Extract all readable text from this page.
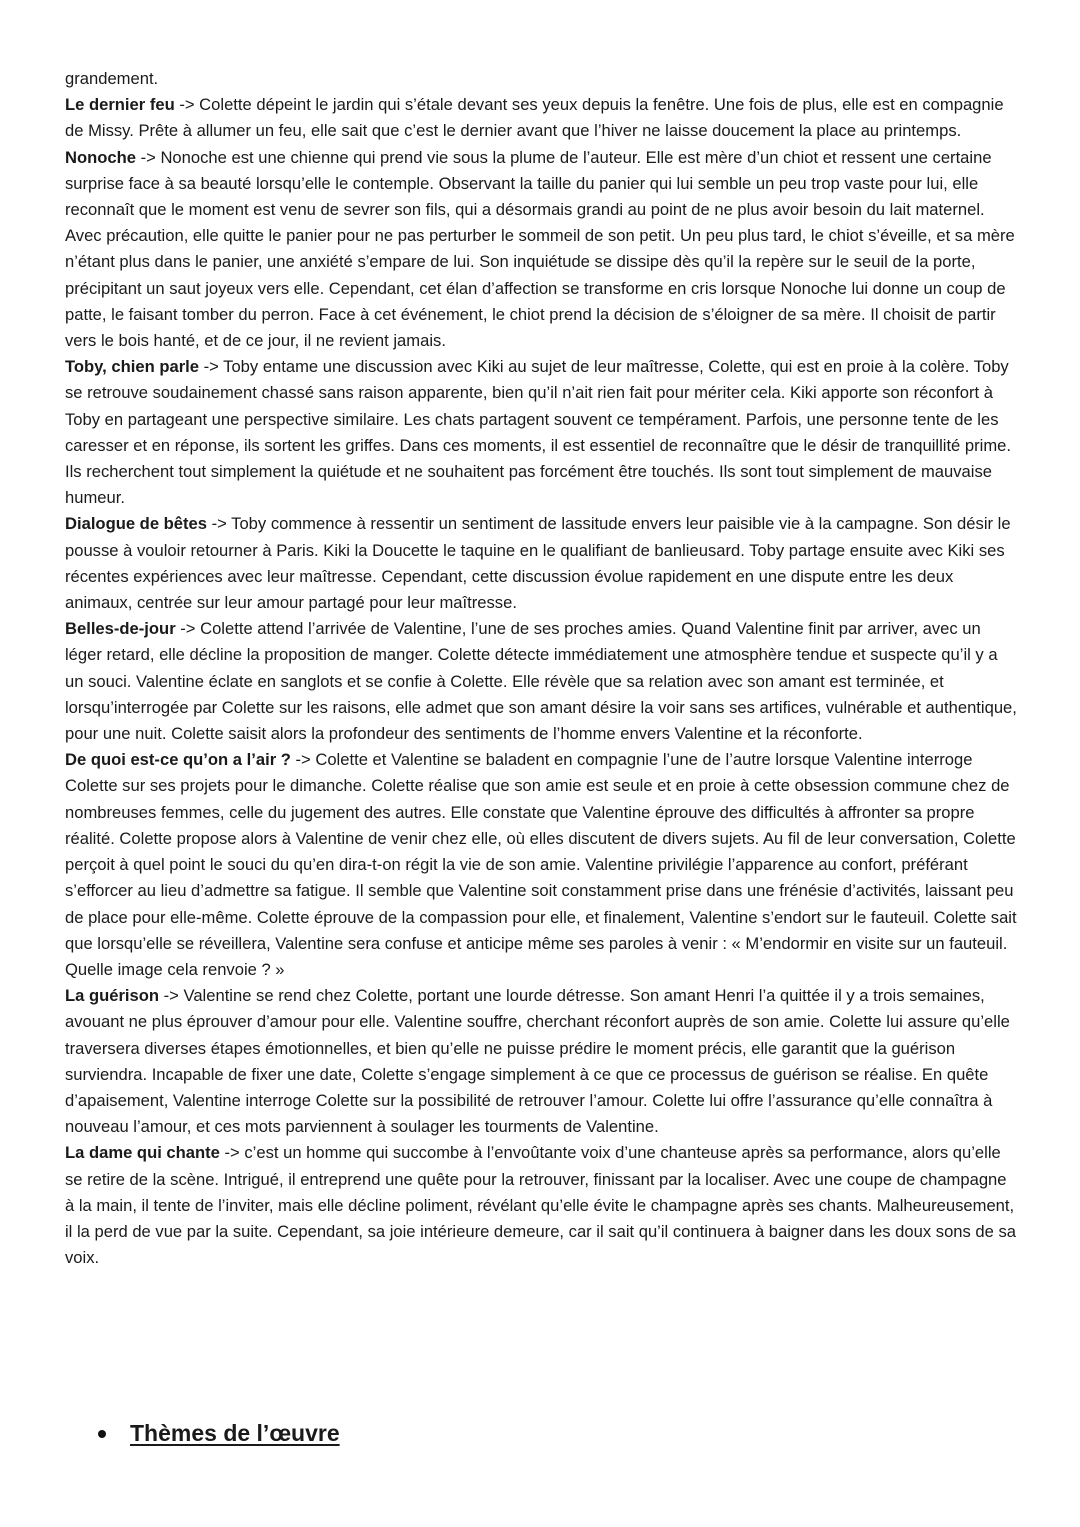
grandement.

Le dernier feu -> Colette dépeint le jardin qui s’étale devant ses yeux depuis la fenêtre. Une fois de plus, elle est en compagnie de Missy. Prête à allumer un feu, elle sait que c’est le dernier avant que l’hiver ne laisse doucement la place au printemps.

Nonoche -> Nonoche est une chienne qui prend vie sous la plume de l’auteur. Elle est mère d’un chiot et ressent une certaine surprise face à sa beauté lorsqu’elle le contemple. Observant la taille du panier qui lui semble un peu trop vaste pour lui, elle reconnaît que le moment est venu de sevrer son fils, qui a désormais grandi au point de ne plus avoir besoin du lait maternel. Avec précaution, elle quitte le panier pour ne pas perturber le sommeil de son petit. Un peu plus tard, le chiot s’éveille, et sa mère n’étant plus dans le panier, une anxiété s’empare de lui. Son inquiétude se dissipe dès qu’il la repère sur le seuil de la porte, précipitant un saut joyeux vers elle. Cependant, cet élan d’affection se transforme en cris lorsque Nonoche lui donne un coup de patte, le faisant tomber du perron. Face à cet événement, le chiot prend la décision de s’éloigner de sa mère. Il choisit de partir vers le bois hanté, et de ce jour, il ne revient jamais.

Toby, chien parle -> Toby entame une discussion avec Kiki au sujet de leur maîtresse, Colette, qui est en proie à la colère. Toby se retrouve soudainement chassé sans raison apparente, bien qu’il n’ait rien fait pour mériter cela. Kiki apporte son réconfort à Toby en partageant une perspective similaire. Les chats partagent souvent ce tempérament. Parfois, une personne tente de les caresser et en réponse, ils sortent les griffes. Dans ces moments, il est essentiel de reconnaître que le désir de tranquillité prime. Ils recherchent tout simplement la quiétude et ne souhaitent pas forcément être touchés. Ils sont tout simplement de mauvaise humeur.

Dialogue de bêtes -> Toby commence à ressentir un sentiment de lassitude envers leur paisible vie à la campagne. Son désir le pousse à vouloir retourner à Paris. Kiki la Doucette le taquine en le qualifiant de banlieusard. Toby partage ensuite avec Kiki ses récentes expériences avec leur maîtresse. Cependant, cette discussion évolue rapidement en une dispute entre les deux animaux, centrée sur leur amour partagé pour leur maîtresse.

Belles-de-jour -> Colette attend l’arrivée de Valentine, l’une de ses proches amies. Quand Valentine finit par arriver, avec un léger retard, elle décline la proposition de manger. Colette détecte immédiatement une atmosphère tendue et suspecte qu’il y a un souci. Valentine éclate en sanglots et se confie à Colette. Elle révèle que sa relation avec son amant est terminée, et lorsqu’interrogée par Colette sur les raisons, elle admet que son amant désire la voir sans ses artifices, vulnérable et authentique, pour une nuit. Colette saisit alors la profondeur des sentiments de l’homme envers Valentine et la réconforte.

De quoi est-ce qu’on a l’air ? -> Colette et Valentine se baladent en compagnie l’une de l’autre lorsque Valentine interroge Colette sur ses projets pour le dimanche. Colette réalise que son amie est seule et en proie à cette obsession commune chez de nombreuses femmes, celle du jugement des autres. Elle constate que Valentine éprouve des difficultés à affronter sa propre réalité. Colette propose alors à Valentine de venir chez elle, où elles discutent de divers sujets. Au fil de leur conversation, Colette perçoit à quel point le souci du qu’en dira-t-on régit la vie de son amie. Valentine privilégie l’apparence au confort, préférant s’efforcer au lieu d’admettre sa fatigue. Il semble que Valentine soit constamment prise dans une frénésie d’activités, laissant peu de place pour elle-même. Colette éprouve de la compassion pour elle, et finalement, Valentine s’endort sur le fauteuil. Colette sait que lorsqu’elle se réveillera, Valentine sera confuse et anticipe même ses paroles à venir : « M’endormir en visite sur un fauteuil. Quelle image cela renvoie ? »

La guérison -> Valentine se rend chez Colette, portant une lourde détresse. Son amant Henri l’a quittée il y a trois semaines, avouant ne plus éprouver d’amour pour elle. Valentine souffre, cherchant réconfort auprès de son amie. Colette lui assure qu’elle traversera diverses étapes émotionnelles, et bien qu’elle ne puisse prédire le moment précis, elle garantit que la guérison surviendra. Incapable de fixer une date, Colette s’engage simplement à ce que ce processus de guérison se réalise. En quête d’apaisement, Valentine interroge Colette sur la possibilité de retrouver l’amour. Colette lui offre l’assurance qu’elle connaîtra à nouveau l’amour, et ces mots parviennent à soulager les tourments de Valentine.

La dame qui chante -> c’est un homme qui succombe à l’envoûtante voix d’une chanteuse après sa performance, alors qu’elle se retire de la scène. Intrigué, il entreprend une quête pour la retrouver, finissant par la localiser. Avec une coupe de champagne à la main, il tente de l’inviter, mais elle décline poliment, révélant qu’elle évite le champagne après ses chants. Malheureusement, il la perd de vue par la suite. Cependant, sa joie intérieure demeure, car il sait qu’il continuera à baigner dans les doux sons de sa voix.

Thèmes de l’œuvre
